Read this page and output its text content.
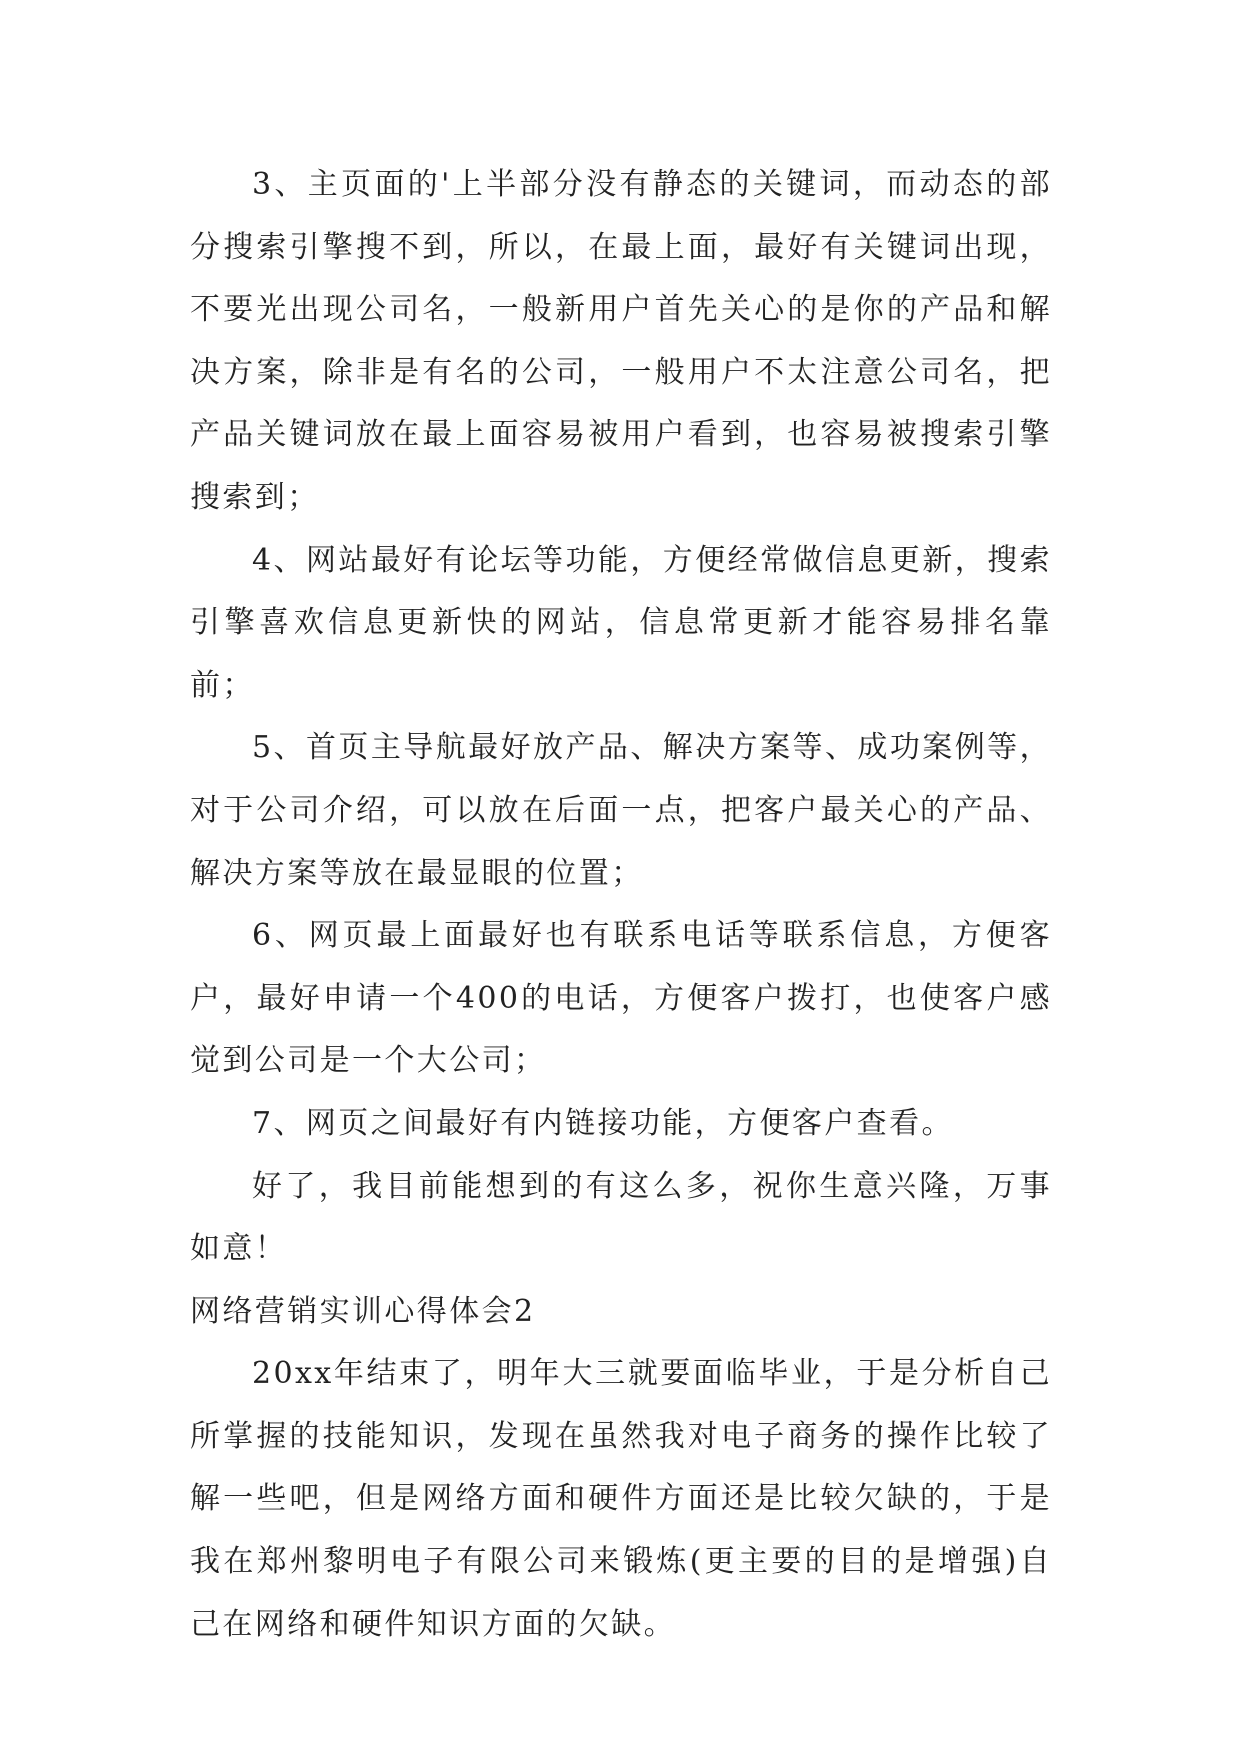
3、主页面的'上半部分没有静态的关键词，而动态的部分搜索引擎搜不到，所以，在最上面，最好有关键词出现，不要光出现公司名，一般新用户首先关心的是你的产品和解决方案，除非是有名的公司，一般用户不太注意公司名，把产品关键词放在最上面容易被用户看到，也容易被搜索引擎搜索到；

4、网站最好有论坛等功能，方便经常做信息更新，搜索引擎喜欢信息更新快的网站，信息常更新才能容易排名靠前；

5、首页主导航最好放产品、解决方案等、成功案例等，对于公司介绍，可以放在后面一点，把客户最关心的产品、解决方案等放在最显眼的位置；

6、网页最上面最好也有联系电话等联系信息，方便客户，最好申请一个400的电话，方便客户拨打，也使客户感觉到公司是一个大公司；

7、网页之间最好有内链接功能，方便客户查看。

好了，我目前能想到的有这么多，祝你生意兴隆，万事如意！

网络营销实训心得体会2

20xx年结束了，明年大三就要面临毕业，于是分析自己所掌握的技能知识，发现在虽然我对电子商务的操作比较了解一些吧，但是网络方面和硬件方面还是比较欠缺的，于是我在郑州黎明电子有限公司来锻炼(更主要的目的是增强)自己在网络和硬件知识方面的欠缺。
